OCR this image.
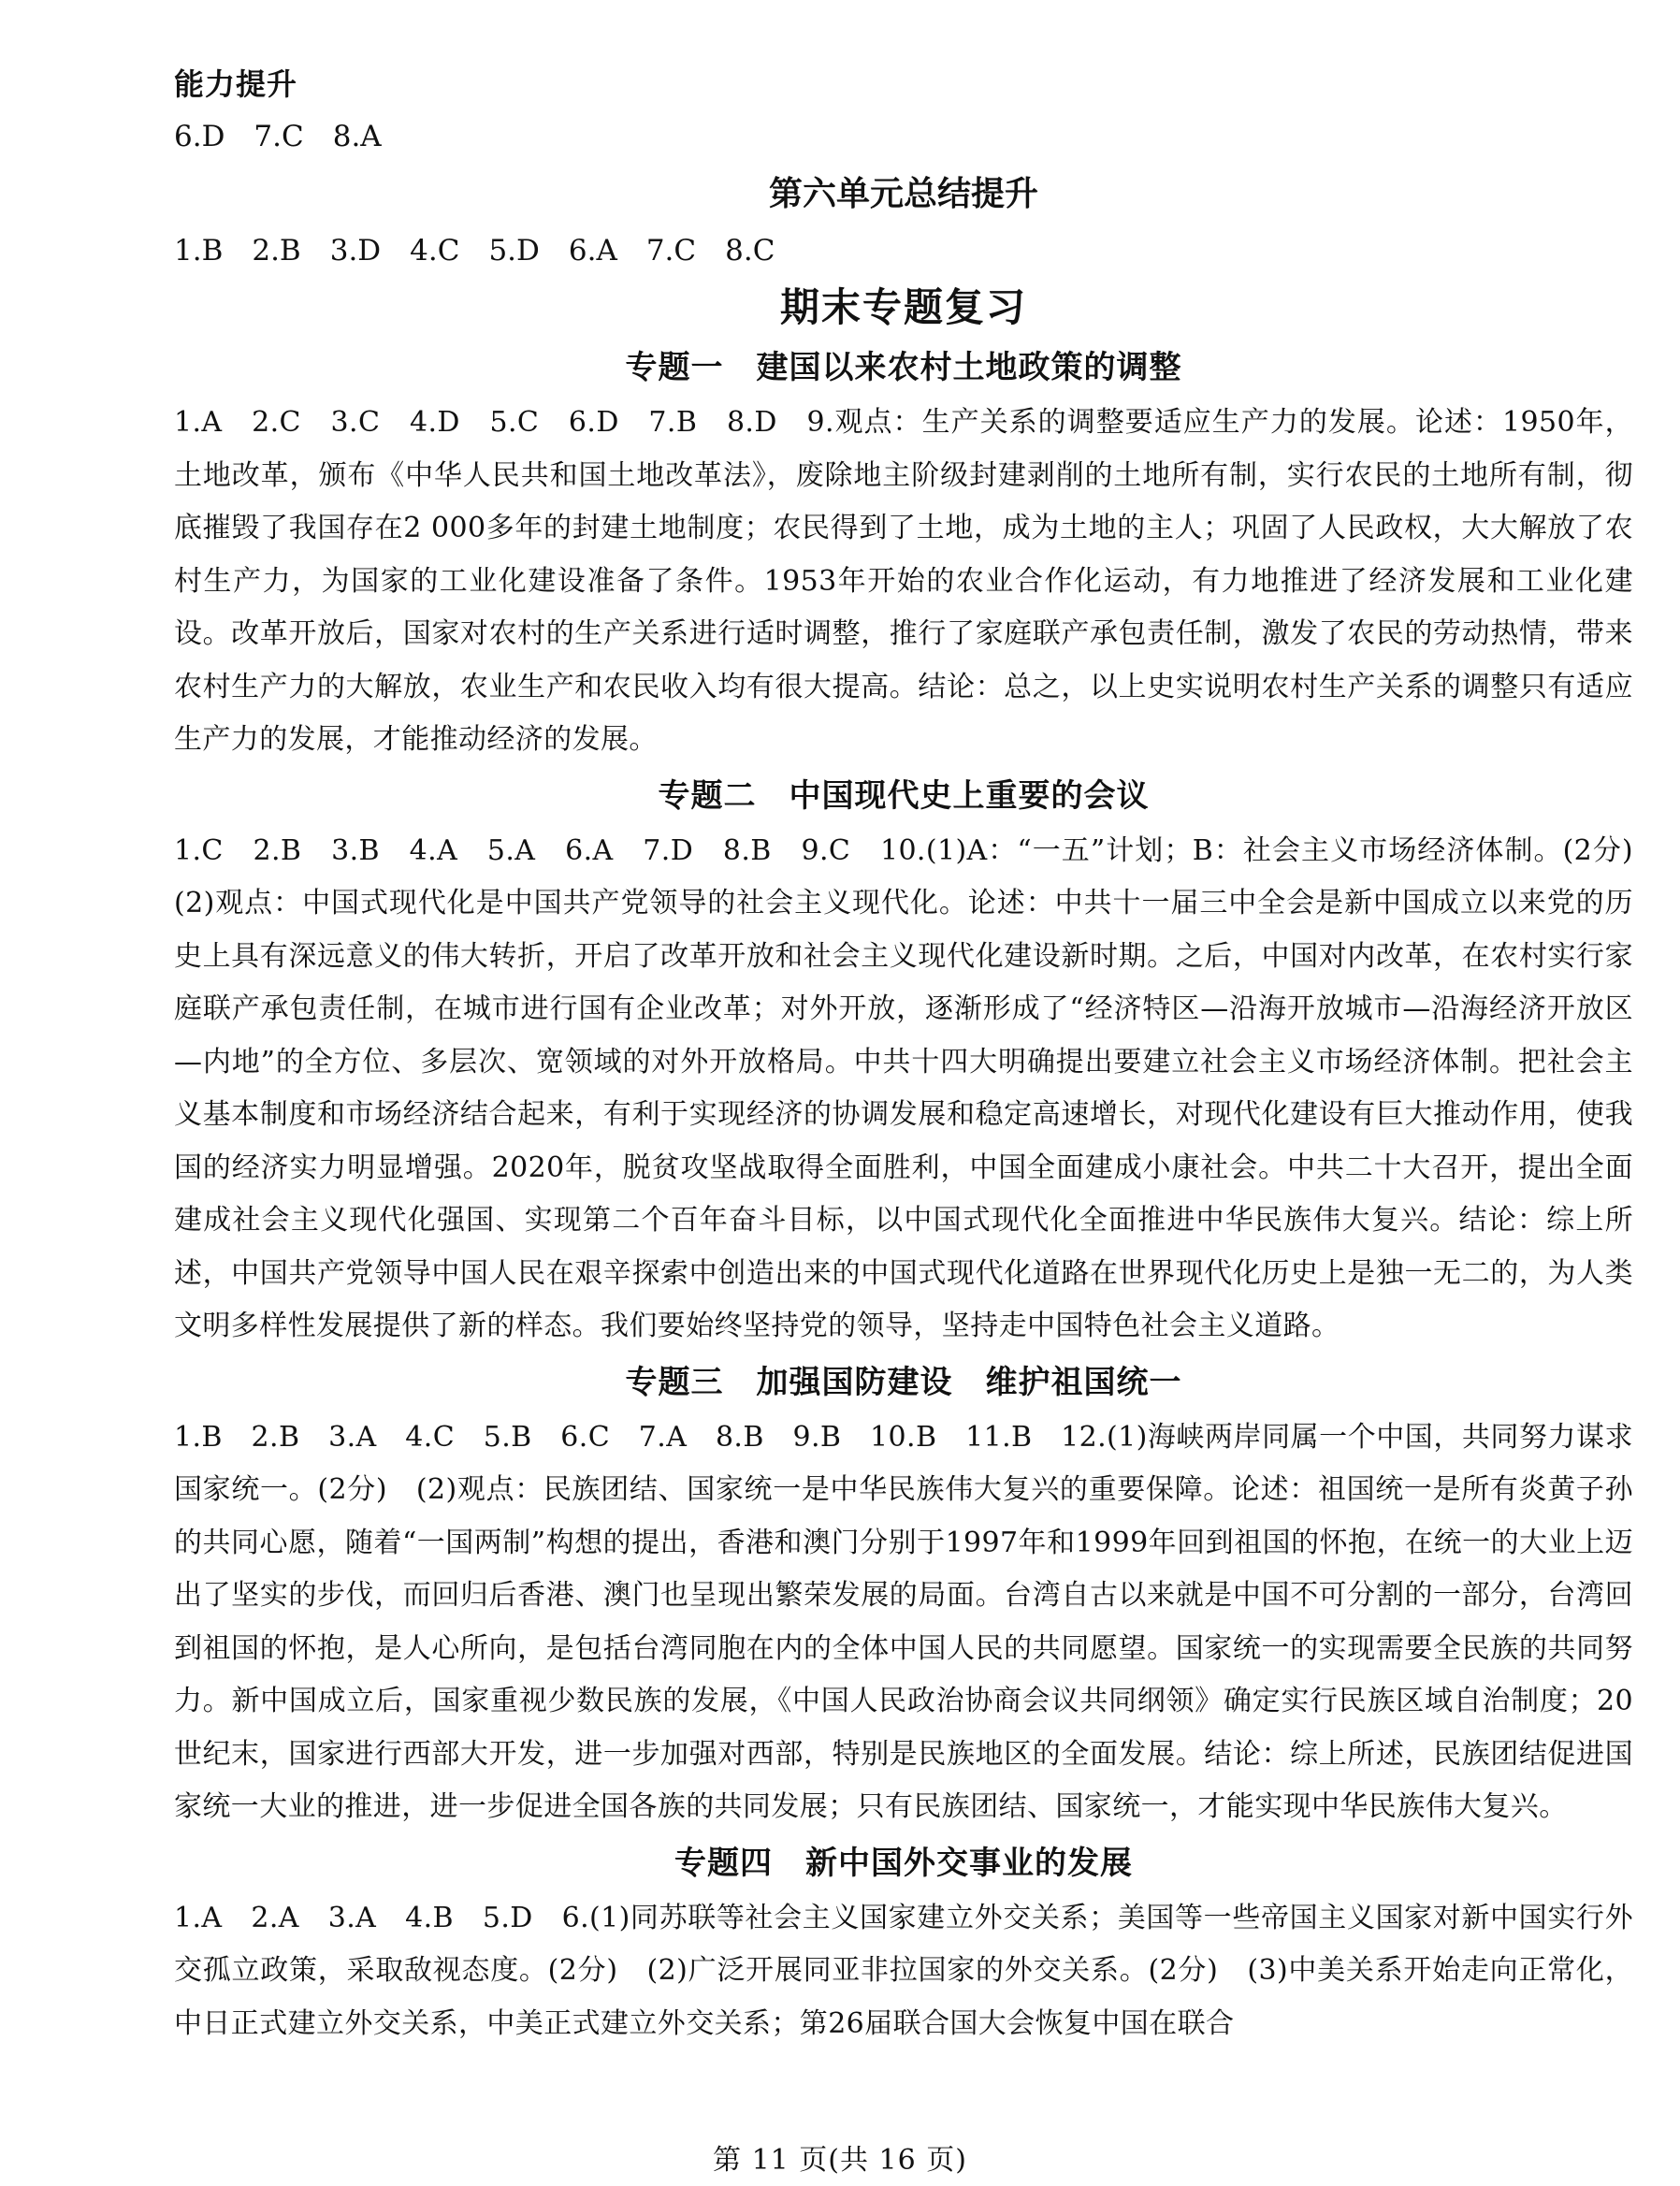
能力提升
6.D　7.C　8.A
第六单元总结提升
1.B　2.B　3.D　4.C　5.D　6.A　7.C　8.C
期末专题复习
专题一　建国以来农村土地政策的调整
1.A　2.C　3.C　4.D　5.C　6.D　7.B　8.D　9.观点：生产关系的调整要适应生产力的发展。论述：1950年，土地改革，颁布《中华人民共和国土地改革法》，废除地主阶级封建剥削的土地所有制，实行农民的土地所有制，彻底摧毁了我国存在2 000多年的封建土地制度；农民得到了土地，成为土地的主人；巩固了人民政权，大大解放了农村生产力，为国家的工业化建设准备了条件。1953年开始的农业合作化运动，有力地推进了经济发展和工业化建设。改革开放后，国家对农村的生产关系进行适时调整，推行了家庭联产承包责任制，激发了农民的劳动热情，带来农村生产力的大解放，农业生产和农民收入均有很大提高。结论：总之，以上史实说明农村生产关系的调整只有适应生产力的发展，才能推动经济的发展。
专题二　中国现代史上重要的会议
1.C　2.B　3.B　4.A　5.A　6.A　7.D　8.B　9.C　10.(1)A：“一五”计划；B：社会主义市场经济体制。(2分)　(2)观点：中国式现代化是中国共产党领导的社会主义现代化。论述：中共十一届三中全会是新中国成立以来党的历史上具有深远意义的伟大转折，开启了改革开放和社会主义现代化建设新时期。之后，中国对内改革，在农村实行家庭联产承包责任制，在城市进行国有企业改革；对外开放，逐渐形成了“经济特区—沿海开放城市—沿海经济开放区—内地”的全方位、多层次、宽领域的对外开放格局。中共十四大明确提出要建立社会主义市场经济体制。把社会主义基本制度和市场经济结合起来，有利于实现经济的协调发展和稳定高速增长，对现代化建设有巨大推动作用，使我国的经济实力明显增强。2020年，脱贫攻坚战取得全面胜利，中国全面建成小康社会。中共二十大召开，提出全面建成社会主义现代化强国、实现第二个百年奋斗目标，以中国式现代化全面推进中华民族伟大复兴。结论：综上所述，中国共产党领导中国人民在艰辛探索中创造出来的中国式现代化道路在世界现代化历史上是独一无二的，为人类文明多样性发展提供了新的样态。我们要始终坚持党的领导，坚持走中国特色社会主义道路。
专题三　加强国防建设　维护祖国统一
1.B　2.B　3.A　4.C　5.B　6.C　7.A　8.B　9.B　10.B　11.B　12.(1)海峡两岸同属一个中国，共同努力谋求国家统一。(2分)　(2)观点：民族团结、国家统一是中华民族伟大复兴的重要保障。论述：祖国统一是所有炎黄子孙的共同心愿，随着“一国两制”构想的提出，香港和澳门分别于1997年和1999年回到祖国的怀抱，在统一的大业上迈出了坚实的步伐，而回归后香港、澳门也呈现出繁荣发展的局面。台湾自古以来就是中国不可分割的一部分，台湾回到祖国的怀抱，是人心所向，是包括台湾同胞在内的全体中国人民的共同愿望。国家统一的实现需要全民族的共同努力。新中国成立后，国家重视少数民族的发展，《中国人民政治协商会议共同纲领》确定实行民族区域自治制度；20世纪末，国家进行西部大开发，进一步加强对西部，特别是民族地区的全面发展。结论：综上所述，民族团结促进国家统一大业的推进，进一步促进全国各族的共同发展；只有民族团结、国家统一，才能实现中华民族伟大复兴。
专题四　新中国外交事业的发展
1.A　2.A　3.A　4.B　5.D　6.(1)同苏联等社会主义国家建立外交关系；美国等一些帝国主义国家对新中国实行外交孤立政策，采取敌视态度。(2分)　(2)广泛开展同亚非拉国家的外交关系。(2分)　(3)中美关系开始走向正常化，中日正式建立外交关系，中美正式建立外交关系；第26届联合国大会恢复中国在联合
第 11 页(共 16 页)
